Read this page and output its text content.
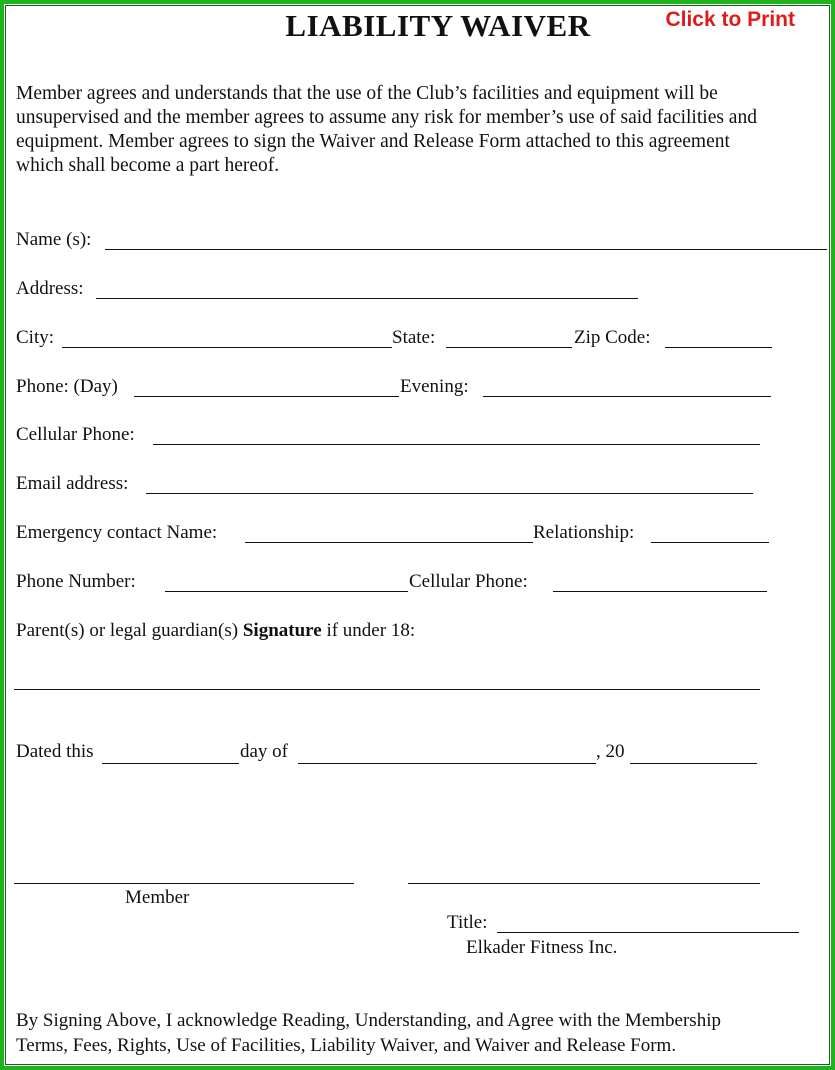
LIABILITY WAIVER	Click to Print
Member agrees and understands that the use of the Club’s facilities and equipment will be
unsupervised and the member agrees to assume any risk for member’s use of said facilities and
equipment. Member agrees to sign the Waiver and Release Form attached to this agreement
which shall become a part hereof.
Name (s):
Address:
City:	State:	Zip Code:
Phone: (Day)	Evening:
Cellular Phone:
Email address:
Emergency contact Name:	Relationship:
Phone Number:	Cellular Phone:
Parent(s) or legal guardian(s) Signature if under 18:
Dated this	day of	, 20
Member
Title:
Elkader Fitness Inc.
By Signing Above, I acknowledge Reading, Understanding, and Agree with the Membership
Terms, Fees, Rights, Use of Facilities, Liability Waiver, and Waiver and Release Form.
